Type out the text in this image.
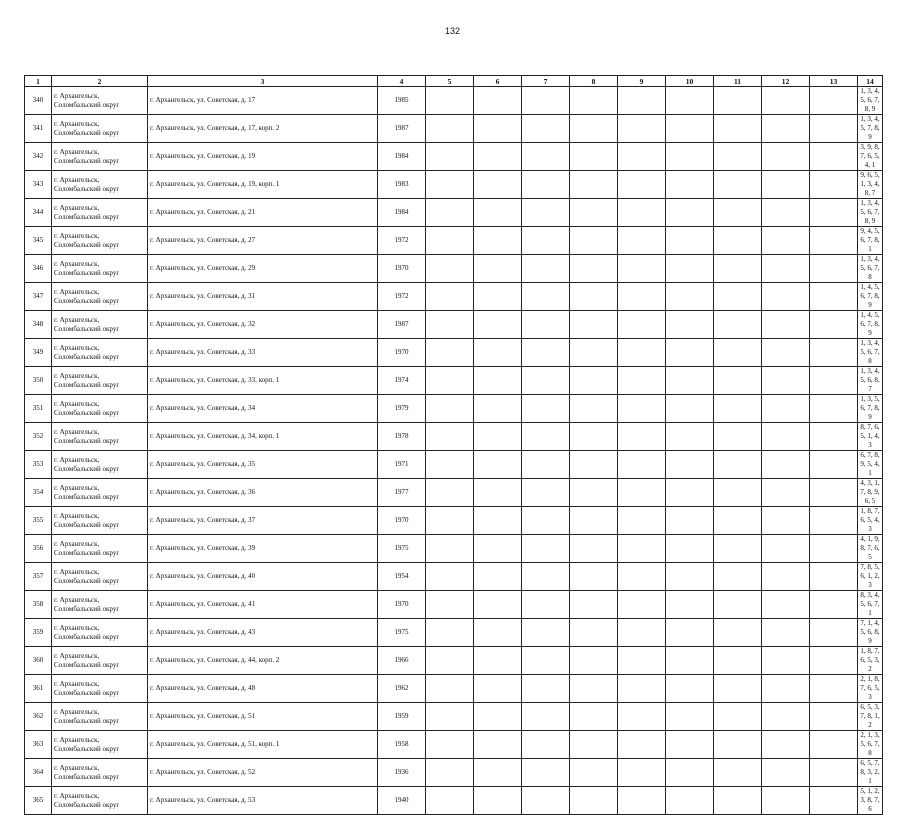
132
1	2	3	4	5	6	7	8	9	10	11	12	13	14
340	г. Архангельск,
Соломбальский округ	г. Архангельск, ул. Советская, д. 17	1985										1, 3, 4, 5, 6, 7, 8, 9
341	г. Архангельск,
Соломбальский округ	г. Архангельск, ул. Советская, д. 17, корп. 2	1987										1, 3, 4, 5, 7, 8, 9
342	г. Архангельск,
Соломбальский округ	г. Архангельск, ул. Советская, д. 19	1984										3, 9, 8, 7, 6, 5, 4, 1
343	г. Архангельск,
Соломбальский округ	г. Архангельск, ул. Советская, д. 19, корп. 1	1983										9, 6, 5, 1, 3, 4, 8, 7
344	г. Архангельск,
Соломбальский округ	г. Архангельск, ул. Советская, д. 21	1984										1, 3, 4, 5, 6, 7, 8, 9
345	г. Архангельск,
Соломбальский округ	г. Архангельск, ул. Советская, д. 27	1972										9, 4, 5, 6, 7, 8, 1
346	г. Архангельск,
Соломбальский округ	г. Архангельск, ул. Советская, д. 29	1970										1, 3, 4, 5, 6, 7, 8
347	г. Архангельск,
Соломбальский округ	г. Архангельск, ул. Советская, д. 31	1972										1, 4, 5, 6, 7, 8, 9
348	г. Архангельск,
Соломбальский округ	г. Архангельск, ул. Советская, д. 32	1987										1, 4, 5, 6, 7, 8, 9
349	г. Архангельск,
Соломбальский округ	г. Архангельск, ул. Советская, д. 33	1970										1, 3, 4, 5, 6, 7, 8
350	г. Архангельск,
Соломбальский округ	г. Архангельск, ул. Советская, д. 33, корп. 1	1974										1, 3, 4, 5, 6, 8, 7
351	г. Архангельск,
Соломбальский округ	г. Архангельск, ул. Советская, д. 34	1979										1, 3, 5, 6, 7, 8, 9
352	г. Архангельск,
Соломбальский округ	г. Архангельск, ул. Советская, д. 34, корп. 1	1978										8, 7, 6, 5, 1, 4, 3
353	г. Архангельск,
Соломбальский округ	г. Архангельск, ул. Советская, д. 35	1971										6, 7, 8, 9, 5, 4, 1
354	г. Архангельск,
Соломбальский округ	г. Архангельск, ул. Советская, д. 36	1977										4, 3, 1, 7, 8, 9, 6, 5
355	г. Архангельск,
Соломбальский округ	г. Архангельск, ул. Советская, д. 37	1970										1, 8, 7, 6, 5, 4, 3
356	г. Архангельск,
Соломбальский округ	г. Архангельск, ул. Советская, д. 39	1975										4, 1, 9, 8, 7, 6, 5
357	г. Архангельск,
Соломбальский округ	г. Архангельск, ул. Советская, д. 40	1954										7, 8, 5, 6, 1, 2, 3
358	г. Архангельск,
Соломбальский округ	г. Архангельск, ул. Советская, д. 41	1970										8, 3, 4, 5, 6, 7, 1
359	г. Архангельск,
Соломбальский округ	г. Архангельск, ул. Советская, д. 43	1975										7, 1, 4, 5, 6, 8, 9
360	г. Архангельск,
Соломбальский округ	г. Архангельск, ул. Советская, д. 44, корп. 2	1966										1, 8, 7, 6, 5, 3, 2
361	г. Архангельск,
Соломбальский округ	г. Архангельск, ул. Советская, д. 48	1962										2, 1, 8, 7, 6, 5, 3
362	г. Архангельск,
Соломбальский округ	г. Архангельск, ул. Советская, д. 51	1959										6, 5, 3, 7, 8, 1, 2
363	г. Архангельск,
Соломбальский округ	г. Архангельск, ул. Советская, д. 51, корп. 1	1958										2, 1, 3, 5, 6, 7, 8
364	г. Архангельск,
Соломбальский округ	г. Архангельск, ул. Советская, д. 52	1936										6, 5, 7, 8, 3, 2, 1
365	г. Архангельск,
Соломбальский округ	г. Архангельск, ул. Советская, д. 53	1940										5, 1, 2, 3, 8, 7, 6
